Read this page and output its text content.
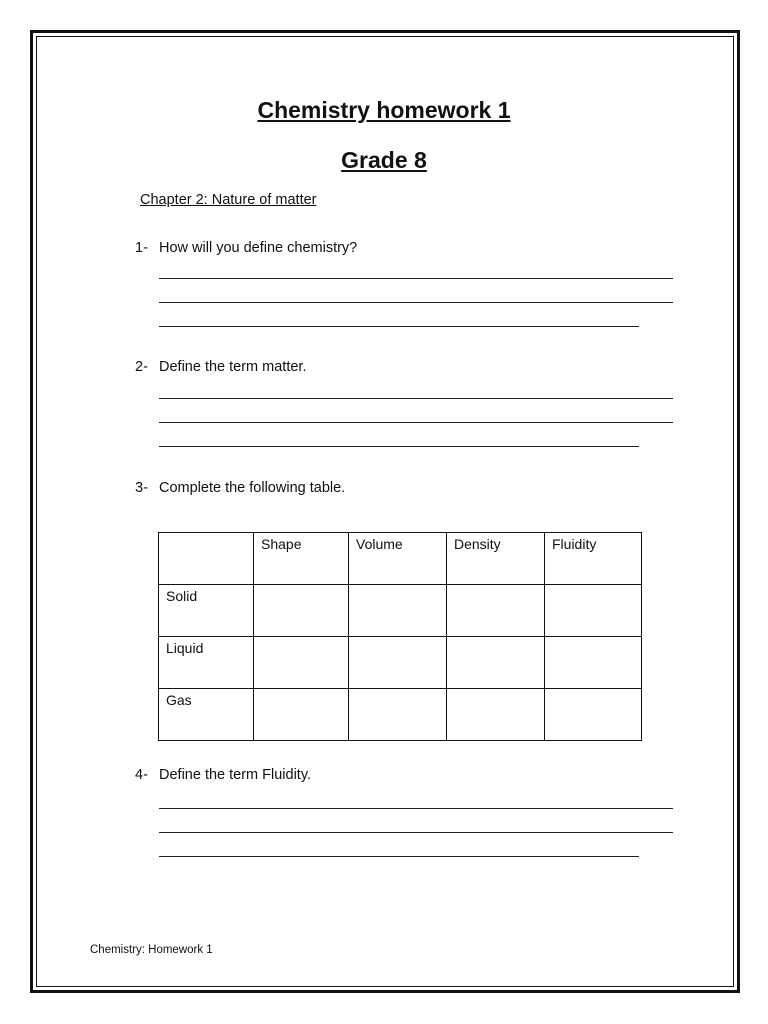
Chemistry homework 1
Grade 8
Chapter 2: Nature of matter
1- How will you define chemistry?
2- Define the term matter.
3- Complete the following table.
	Shape	Volume	Density	Fluidity
Solid				
Liquid				
Gas				
4- Define the term Fluidity.
Chemistry: Homework 1
